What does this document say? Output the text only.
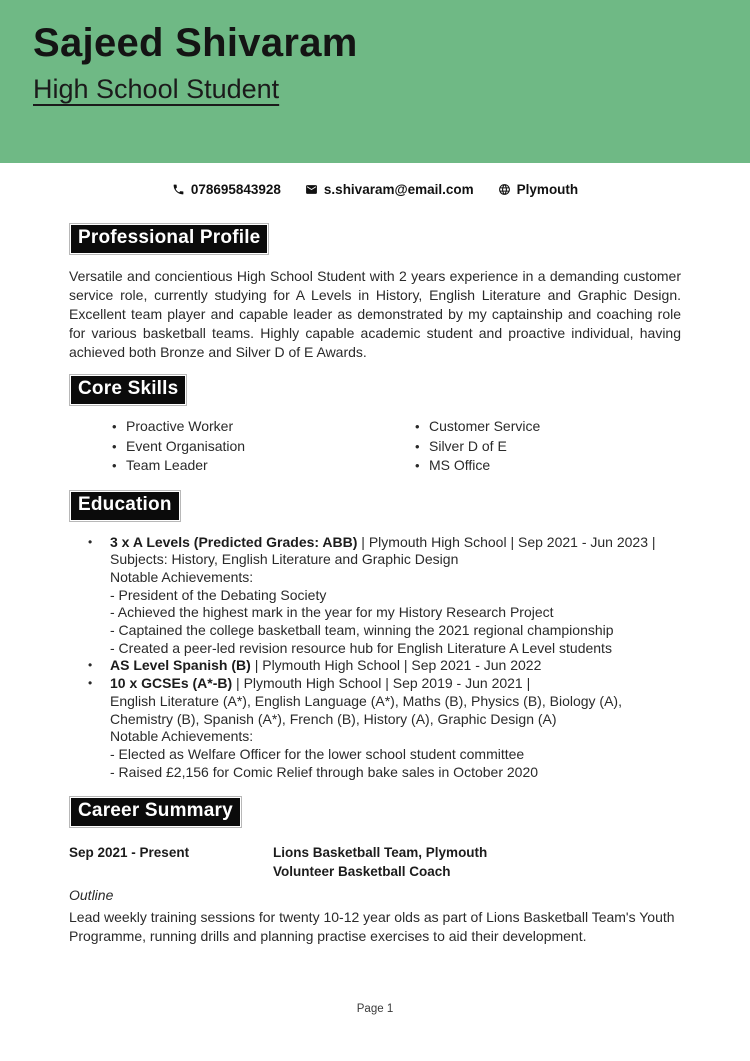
Sajeed Shivaram
High School Student
078695843928	s.shivaram@email.com	Plymouth
Professional Profile

Versatile and concientious High School Student with 2 years experience in a demanding customer service role, currently studying for A Levels in History, English Literature and Graphic Design. Excellent team player and capable leader as demonstrated by my captainship and coaching role for various basketball teams. Highly capable academic student and proactive individual, having achieved both Bronze and Silver D of E Awards.

Core Skills
• Proactive Worker
• Event Organisation
• Team Leader
• Customer Service
• Silver D of E
• MS Office
Education
• 3 x A Levels (Predicted Grades: ABB) | Plymouth High School | Sep 2021 - Jun 2023 |
Subjects: History, English Literature and Graphic Design
Notable Achievements:
- President of the Debating Society
- Achieved the highest mark in the year for my History Research Project
- Captained the college basketball team, winning the 2021 regional championship
- Created a peer-led revision resource hub for English Literature A Level students
• AS Level Spanish (B) | Plymouth High School | Sep 2021 - Jun 2022
• 10 x GCSEs (A*-B) | Plymouth High School | Sep 2019 - Jun 2021 |
English Literature (A*), English Language (A*), Maths (B), Physics (B), Biology (A),
Chemistry (B), Spanish (A*), French (B), History (A), Graphic Design (A)
Notable Achievements:
- Elected as Welfare Officer for the lower school student committee
- Raised £2,156 for Comic Relief through bake sales in October 2020
Career Summary
Sep 2021 - Present	Lions Basketball Team, Plymouth
Volunteer Basketball Coach
Outline

Lead weekly training sessions for twenty 10-12 year olds as part of Lions Basketball Team's Youth Programme, running drills and planning practise exercises to aid their development.

Page 1
